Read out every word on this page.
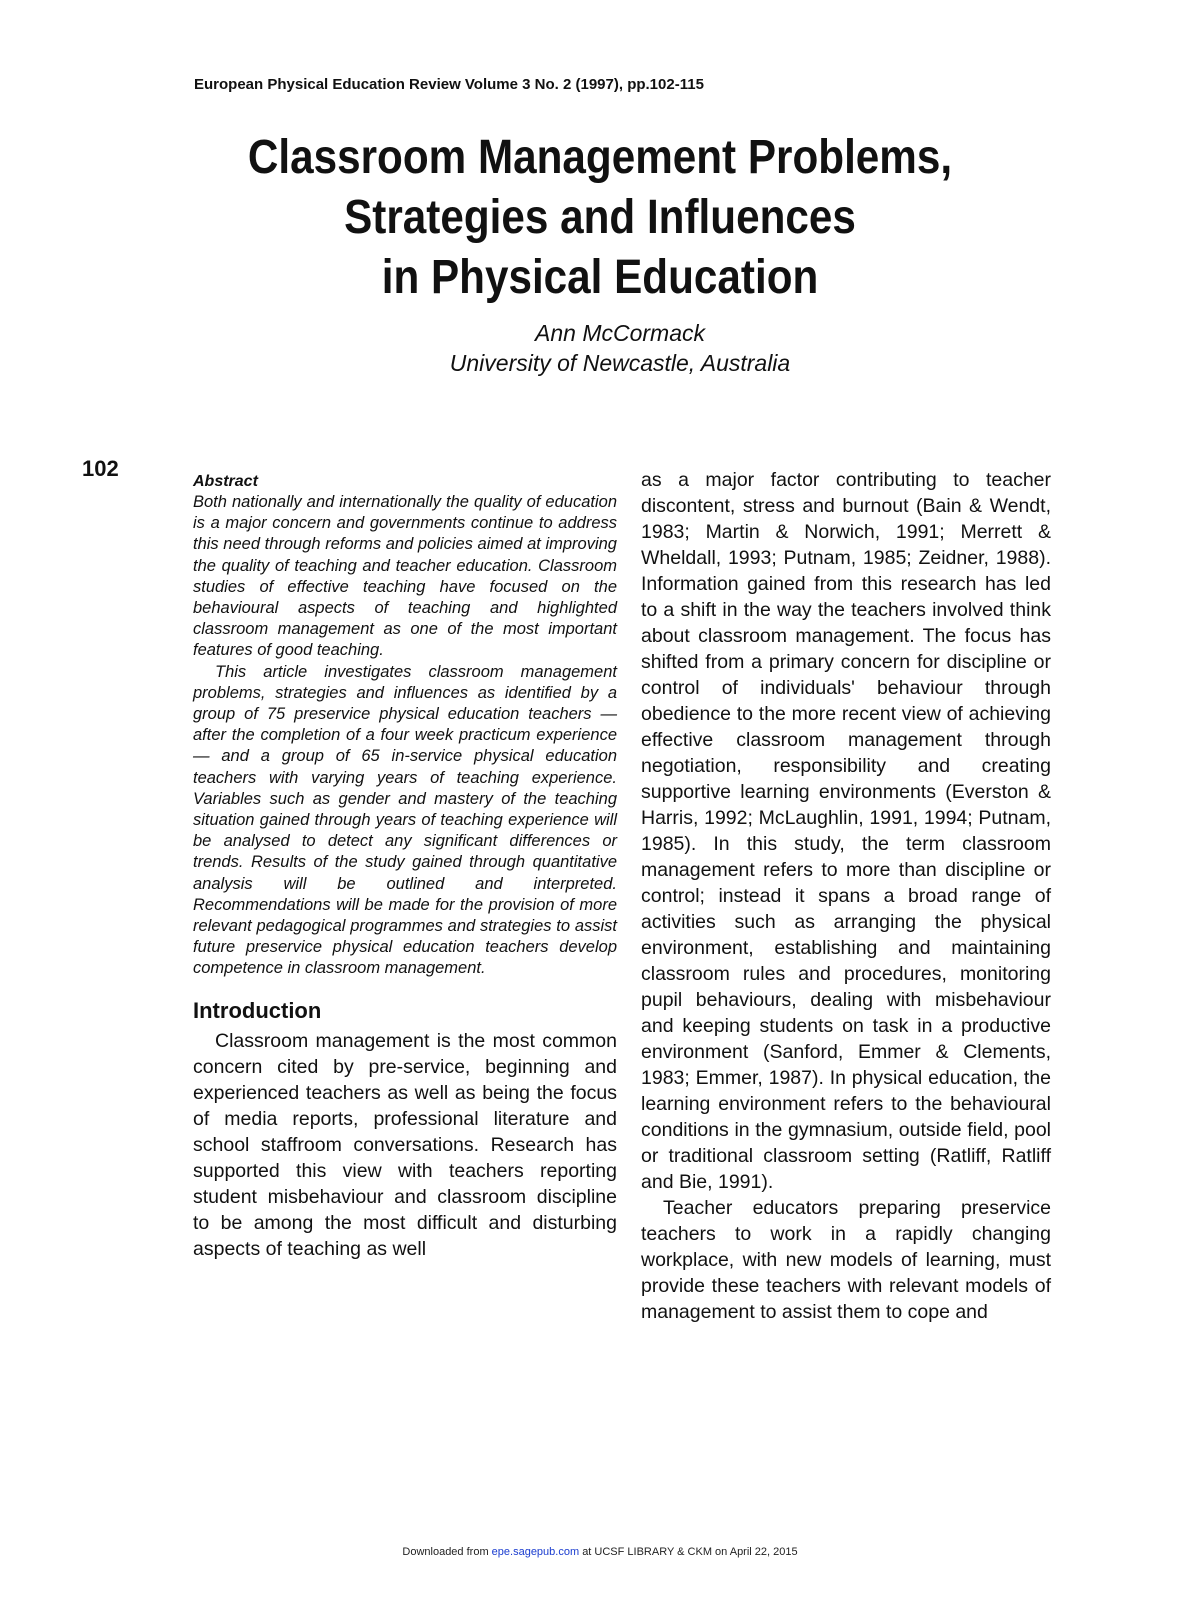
European Physical Education Review Volume 3 No. 2 (1997), pp.102-115
Classroom Management Problems,
Strategies and Influences
in Physical Education
Ann McCormack
University of Newcastle, Australia
102
Abstract

Both nationally and internationally the quality of education is a major concern and governments continue to address this need through reforms and policies aimed at improving the quality of teaching and teacher education. Classroom studies of effective teaching have focused on the behavioural aspects of teaching and highlighted classroom management as one of the most important features of good teaching.

This article investigates classroom management problems, strategies and influences as identified by a group of 75 preservice physical education teachers — after the completion of a four week practicum experience — and a group of 65 in-service physical education teachers with varying years of teaching experience. Variables such as gender and mastery of the teaching situation gained through years of teaching experience will be analysed to detect any significant differences or trends. Results of the study gained through quantitative analysis will be outlined and interpreted. Recommendations will be made for the provision of more relevant pedagogical programmes and strategies to assist future preservice physical education teachers develop competence in classroom management.

Introduction

Classroom management is the most common concern cited by pre-service, beginning and experienced teachers as well as being the focus of media reports, professional literature and school staffroom conversations. Research has supported this view with teachers reporting student misbehaviour and classroom discipline to be among the most difficult and disturbing aspects of teaching as well

as a major factor contributing to teacher discontent, stress and burnout (Bain & Wendt, 1983; Martin & Norwich, 1991; Merrett & Wheldall, 1993; Putnam, 1985; Zeidner, 1988). Information gained from this research has led to a shift in the way the teachers involved think about classroom management. The focus has shifted from a primary concern for discipline or control of individuals' behaviour through obedience to the more recent view of achieving effective classroom management through negotiation, responsibility and creating supportive learning environments (Everston & Harris, 1992; McLaughlin, 1991, 1994; Putnam, 1985). In this study, the term classroom management refers to more than discipline or control; instead it spans a broad range of activities such as arranging the physical environment, establishing and maintaining classroom rules and procedures, monitoring pupil behaviours, dealing with misbehaviour and keeping students on task in a productive environment (Sanford, Emmer & Clements, 1983; Emmer, 1987). In physical education, the learning environment refers to the behavioural conditions in the gymnasium, outside field, pool or traditional classroom setting (Ratliff, Ratliff and Bie, 1991).

Teacher educators preparing preservice teachers to work in a rapidly changing workplace, with new models of learning, must provide these teachers with relevant models of management to assist them to cope and

Downloaded from epe.sagepub.com at UCSF LIBRARY & CKM on April 22, 2015
